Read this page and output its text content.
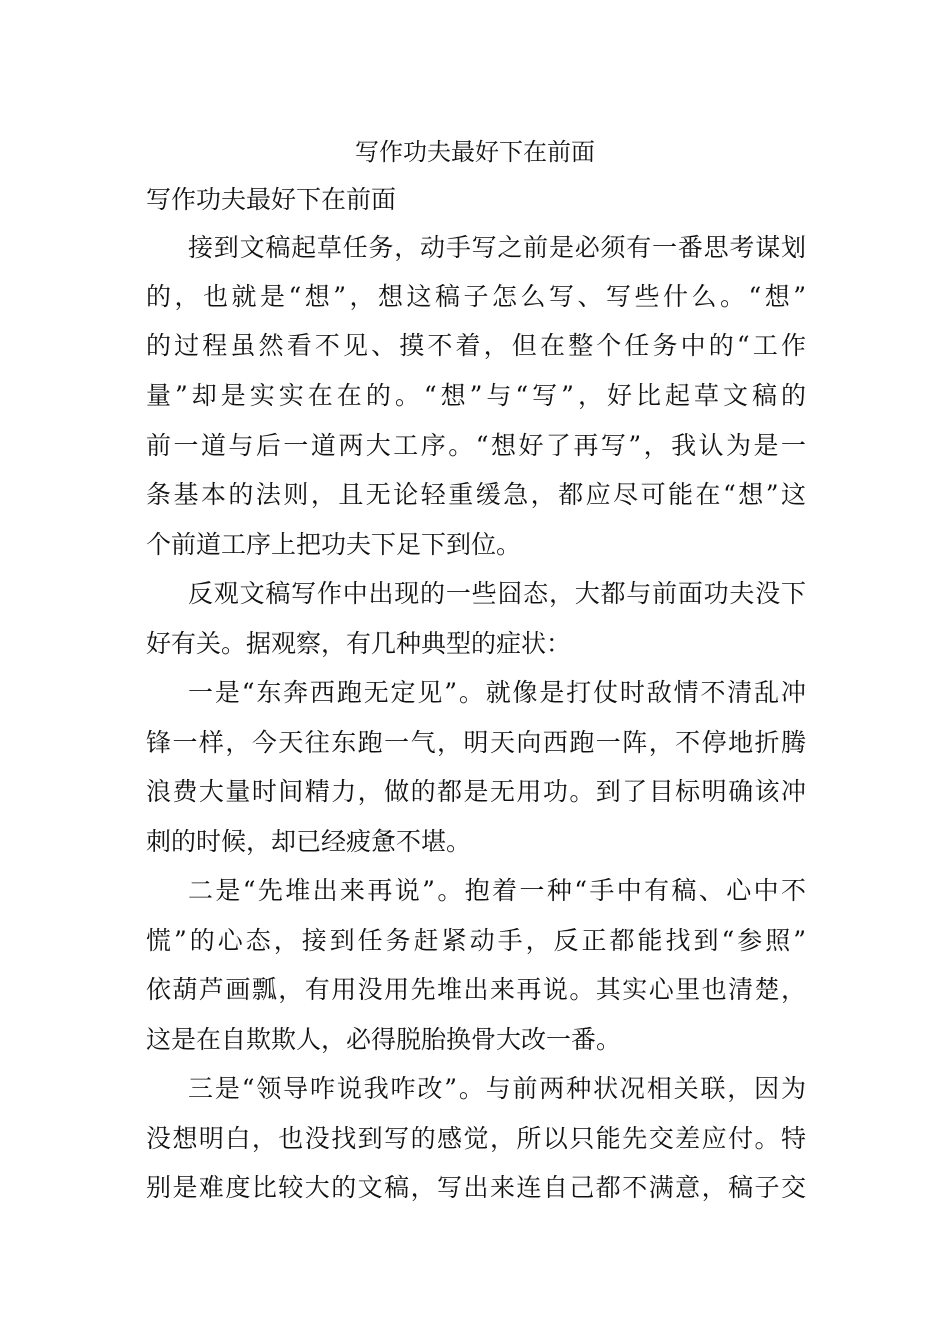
写作功夫最好下在前面
写作功夫最好下在前面

接到文稿起草任务，动手写之前是必须有一番思考谋划

的，也就是“想”，想这稿子怎么写、写些什么。“想”

的过程虽然看不见、摸不着，但在整个任务中的“工作

量”却是实实在在的。“想”与“写”，好比起草文稿的

前一道与后一道两大工序。“想好了再写”，我认为是一

条基本的法则，且无论轻重缓急，都应尽可能在“想”这

个前道工序上把功夫下足下到位。

反观文稿写作中出现的一些囧态，大都与前面功夫没下

好有关。据观察，有几种典型的症状：

一是“东奔西跑无定见”。就像是打仗时敌情不清乱冲

锋一样，今天往东跑一气，明天向西跑一阵，不停地折腾

浪费大量时间精力，做的都是无用功。到了目标明确该冲

刺的时候，却已经疲惫不堪。

二是“先堆出来再说”。抱着一种“手中有稿、心中不

慌”的心态，接到任务赶紧动手，反正都能找到“参照”

依葫芦画瓢，有用没用先堆出来再说。其实心里也清楚，

这是在自欺欺人，必得脱胎换骨大改一番。

三是“领导咋说我咋改”。与前两种状况相关联，因为

没想明白，也没找到写的感觉，所以只能先交差应付。特

别是难度比较大的文稿，写出来连自己都不满意，稿子交
